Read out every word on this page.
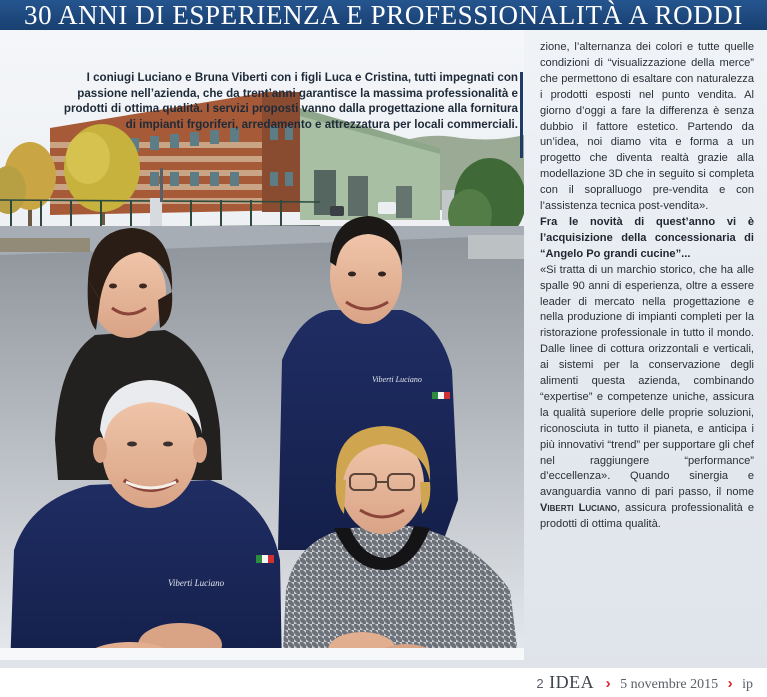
30 ANNI DI ESPERIENZA E PROFESSIONALITÀ A RODDI
Viberti Luciano
Viberti Luciano
I coniugi Luciano e Bruna Viberti con i figli Luca e Cristina, tutti impegnati con passione nell’azienda, che da trent’anni garantisce la massima professionalità e prodotti di ottima qualità. I servizi proposti vanno dalla progettazione alla fornitura di impianti frgoriferi, arredamento e attrezzatura per locali commerciali.

zione, l’alternanza dei colori e tutte quelle condizioni di “visualizzazione della merce” che permettono di esaltare con naturalezza i prodotti esposti nel punto vendita. Al giorno d’oggi a fare la differenza è senza dubbio il fattore estetico. Partendo da un’idea, noi diamo vita e forma a un progetto che diventa realtà grazie alla modellazione 3D che in seguito si completa con il sopralluogo pre-vendita e con l’assistenza tecnica post-vendita».

Fra le novità di quest’anno vi è l’acquisizione della concessionaria di “Angelo Po grandi cucine”...

«Si tratta di un marchio storico, che ha alle spalle 90 anni di esperienza, oltre a essere leader di mercato nella progettazione e nella produzione di impianti completi per la ristorazione professionale in tutto il mondo. Dalle linee di cottura orizzontali e verticali, ai sistemi per la conservazione degli alimenti questa azienda, combinando “expertise” e competenze uniche, assicura la qualità superiore delle proprie soluzioni, riconosciuta in tutto il pianeta, e anticipa i più innovativi “trend” per supportare gli chef nel raggiungere “performance” d’eccellenza». Quando sinergia e avanguardia vanno di pari passo, il nome Viberti Luciano, assicura professionalità e prodotti di ottima qualità.

2 IDEA › 5 novembre 2015 › ip
